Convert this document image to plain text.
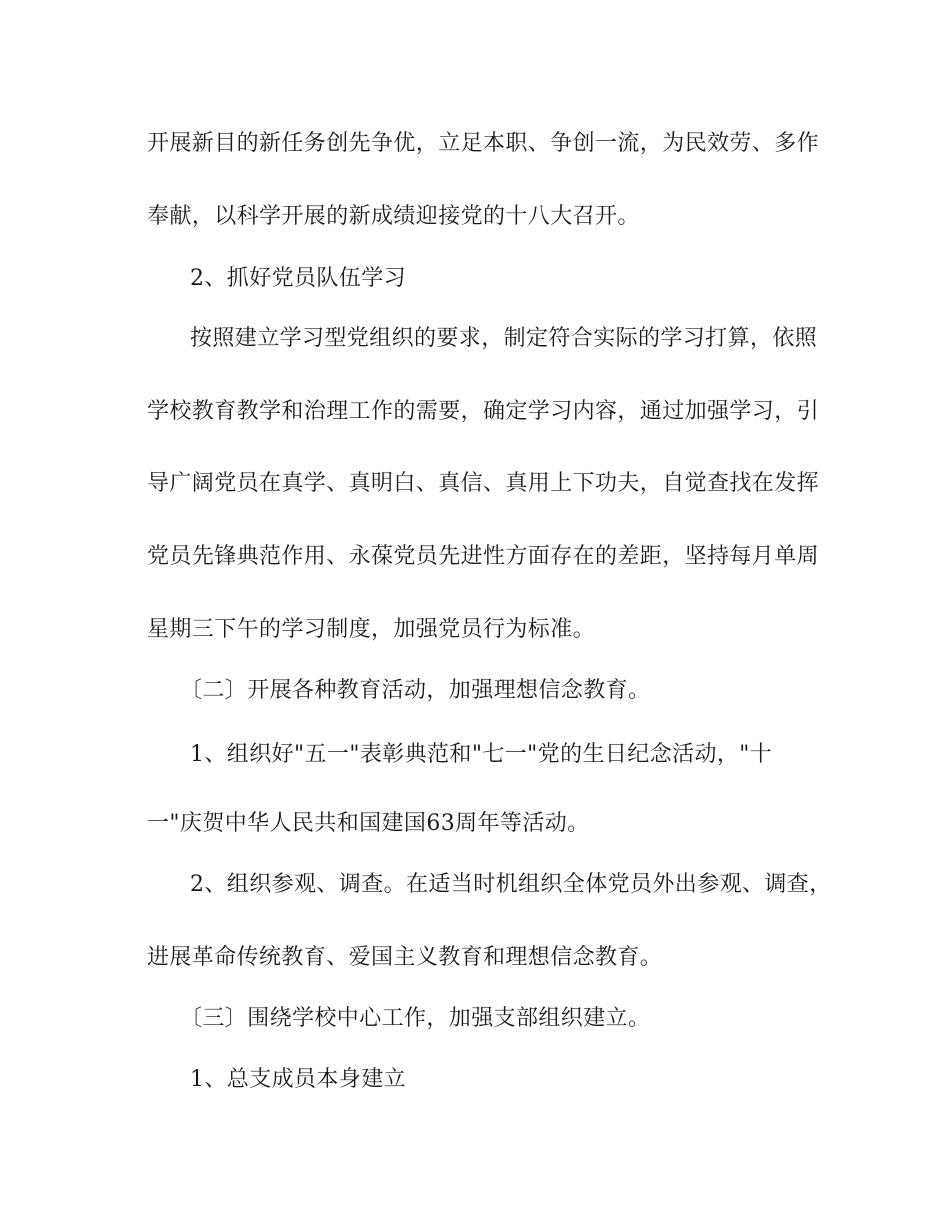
开展新目的新任务创先争优，立足本职、争创一流，为民效劳、多作

奉献，以科学开展的新成绩迎接党的十八大召开。

2、抓好党员队伍学习

按照建立学习型党组织的要求，制定符合实际的学习打算，依照

学校教育教学和治理工作的需要，确定学习内容，通过加强学习，引

导广阔党员在真学、真明白、真信、真用上下功夫，自觉查找在发挥

党员先锋典范作用、永葆党员先进性方面存在的差距，坚持每月单周

星期三下午的学习制度，加强党员行为标准。

〔二〕开展各种教育活动，加强理想信念教育。

1、组织好"五一"表彰典范和"七一"党的生日纪念活动，"十

一"庆贺中华人民共和国建国63周年等活动。

2、组织参观、调查。在适当时机组织全体党员外出参观、调查，

进展革命传统教育、爱国主义教育和理想信念教育。

〔三〕围绕学校中心工作，加强支部组织建立。

1、总支成员本身建立
